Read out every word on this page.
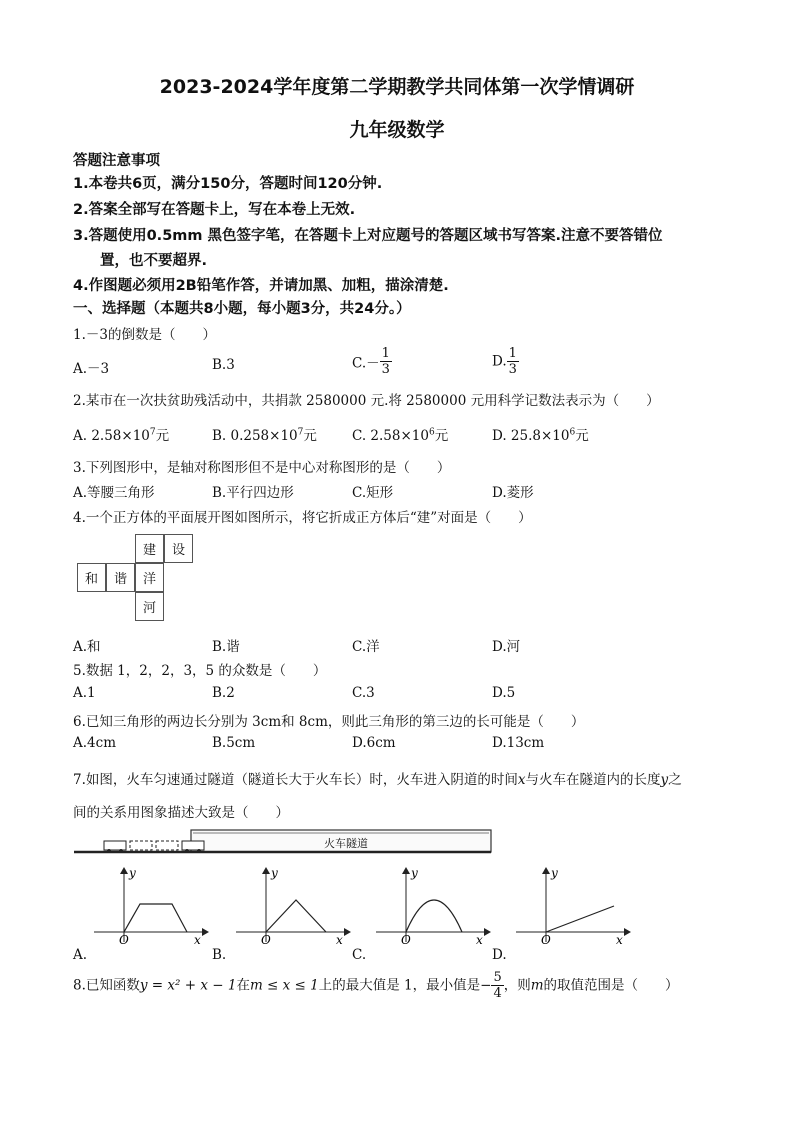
2023-2024学年度第二学期教学共同体第一次学情调研
九年级数学
答题注意事项
1.本卷共6页，满分150分，答题时间120分钟.
2.答案全部写在答题卡上，写在本卷上无效.
3.答题使用0.5mm 黑色签字笔，在答题卡上对应题号的答题区域书写答案.注意不要答错位
置，也不要超界.
4.作图题必须用2B铅笔作答，并请加黑、加粗，描涂清楚.
一、选择题（本题共8小题，每小题3分，共24分。）
1.－3的倒数是（　　）
A.－3	B.3	$C.- \frac{1}{3}$	D. $\frac{1}{3}$
2.某市在一次扶贫助残活动中，共捐款 2580000 元.将 2580000 元用科学记数法表示为（　　）
A. $2.58\times 10^7$元	B. $0.258\times 10^7$元	C. $2.58\times 10^6$元	D. $25.8\times 10^6$元
3.下列图形中，是轴对称图形但不是中心对称图形的是（　　）
A.等腰三角形	B.平行四边形	C.矩形	D.菱形
4.一个正方体的平面展开图如图所示，将它折成正方体后“建”对面是（　　）
建	设
和	谐	洋
河
A.和	B.谐	C.洋	D.河
5.数据 1，2，2，3，5 的众数是（　　）
A.1	B.2	C.3	D.5
6.已知三角形的两边长分别为 3cm和 8cm，则此三角形的第三边的长可能是（　　）
A.4cm	B.5cm	D.6cm	D.13cm
7.如图，火车匀速通过隧道（隧道长大于火车长）时，火车进入阴道的时间x与火车在隧道内的长度y之
间的关系用图象描述大致是（　　）
火车隧道
y
x
O
A.
y
x
O
B.
y
x
O
C.
y
x
O
D.
8.已知函数y = x² + x − 1在m ≤ x ≤ 1上的最大值是 1，最小值是− $\frac{5}{4}$ ，则m的取值范围是（　　）
